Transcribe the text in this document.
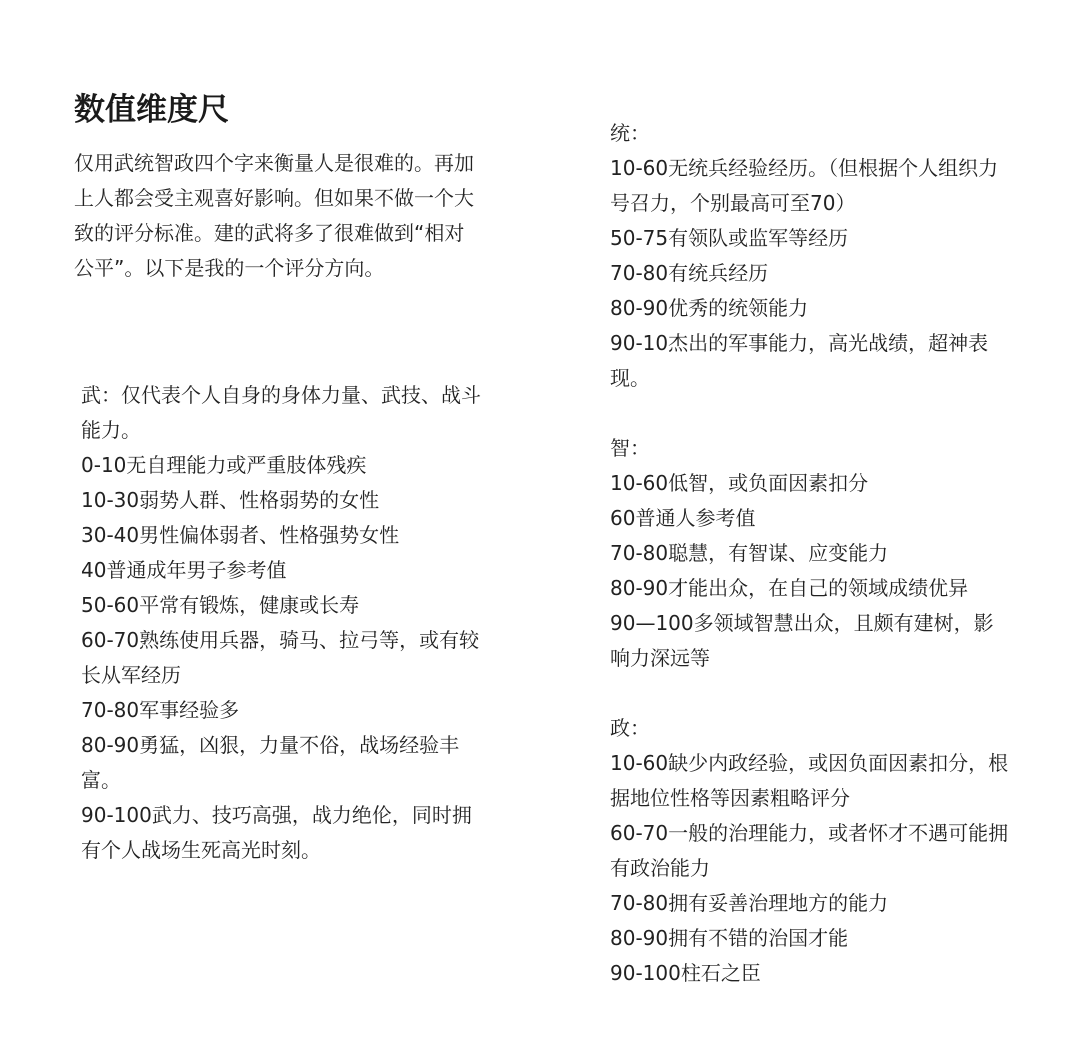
数值维度尺

仅用武统智政四个字来衡量人是很难的。再加上人都会受主观喜好影响。但如果不做一个大致的评分标准。建的武将多了很难做到“相对公平”。以下是我的一个评分方向。

武：仅代表个人自身的身体力量、武技、战斗能力。

0-10无自理能力或严重肢体残疾

10-30弱势人群、性格弱势的女性

30-40男性偏体弱者、性格强势女性

40普通成年男子参考值

50-60平常有锻炼，健康或长寿

60-70熟练使用兵器，骑马、拉弓等，或有较长从军经历

70-80军事经验多

80-90勇猛，凶狠，力量不俗，战场经验丰富。

90-100武力、技巧高强，战力绝伦，同时拥有个人战场生死高光时刻。

统：

10-60无统兵经验经历。（但根据个人组织力号召力，个别最高可至70）

50-75有领队或监军等经历

70-80有统兵经历

80-90优秀的统领能力

90-10杰出的军事能力，高光战绩，超神表现。

智：

10-60低智，或负面因素扣分

60普通人参考值

70-80聪慧，有智谋、应变能力

80-90才能出众，在自己的领域成绩优异

90—100多领域智慧出众，且颇有建树，影响力深远等

政：

10-60缺少内政经验，或因负面因素扣分，根据地位性格等因素粗略评分

60-70一般的治理能力，或者怀才不遇可能拥有政治能力

70-80拥有妥善治理地方的能力

80-90拥有不错的治国才能

90-100柱石之臣
